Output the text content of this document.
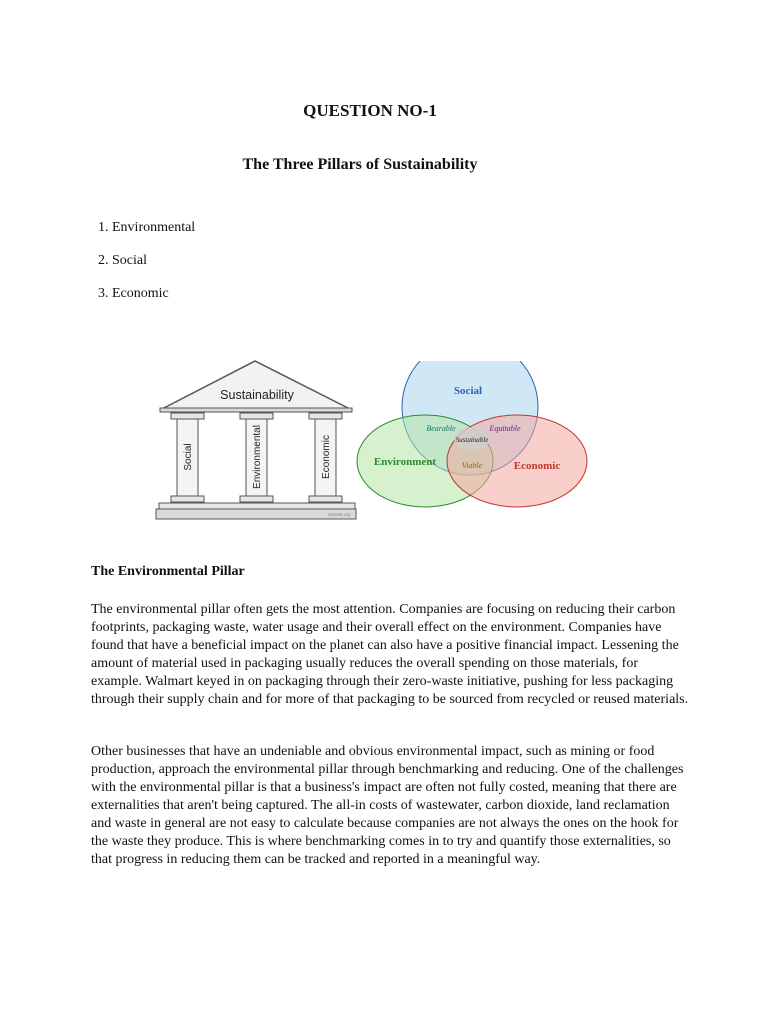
QUESTION NO-1
The Three Pillars of Sustainability
1. Environmental
2. Social
3. Economic
Sustainability
Social	Environmental	Economic
Ducetti.org
Social
Environment	Economic
Bearable	Equitable
Viable
Sustainable
The Environmental Pillar

The environmental pillar often gets the most attention. Companies are focusing on reducing their carbon footprints, packaging waste, water usage and their overall effect on the environment. Companies have found that have a beneficial impact on the planet can also have a positive financial impact. Lessening the amount of material used in packaging usually reduces the overall spending on those materials, for example. Walmart keyed in on packaging through their zero-waste initiative, pushing for less packaging through their supply chain and for more of that packaging to be sourced from recycled or reused materials.

Other businesses that have an undeniable and obvious environmental impact, such as mining or food production, approach the environmental pillar through benchmarking and reducing. One of the challenges with the environmental pillar is that a business's impact are often not fully costed, meaning that there are externalities that aren't being captured. The all-in costs of wastewater, carbon dioxide, land reclamation and waste in general are not easy to calculate because companies are not always the ones on the hook for the waste they produce. This is where benchmarking comes in to try and quantify those externalities, so that progress in reducing them can be tracked and reported in a meaningful way.
